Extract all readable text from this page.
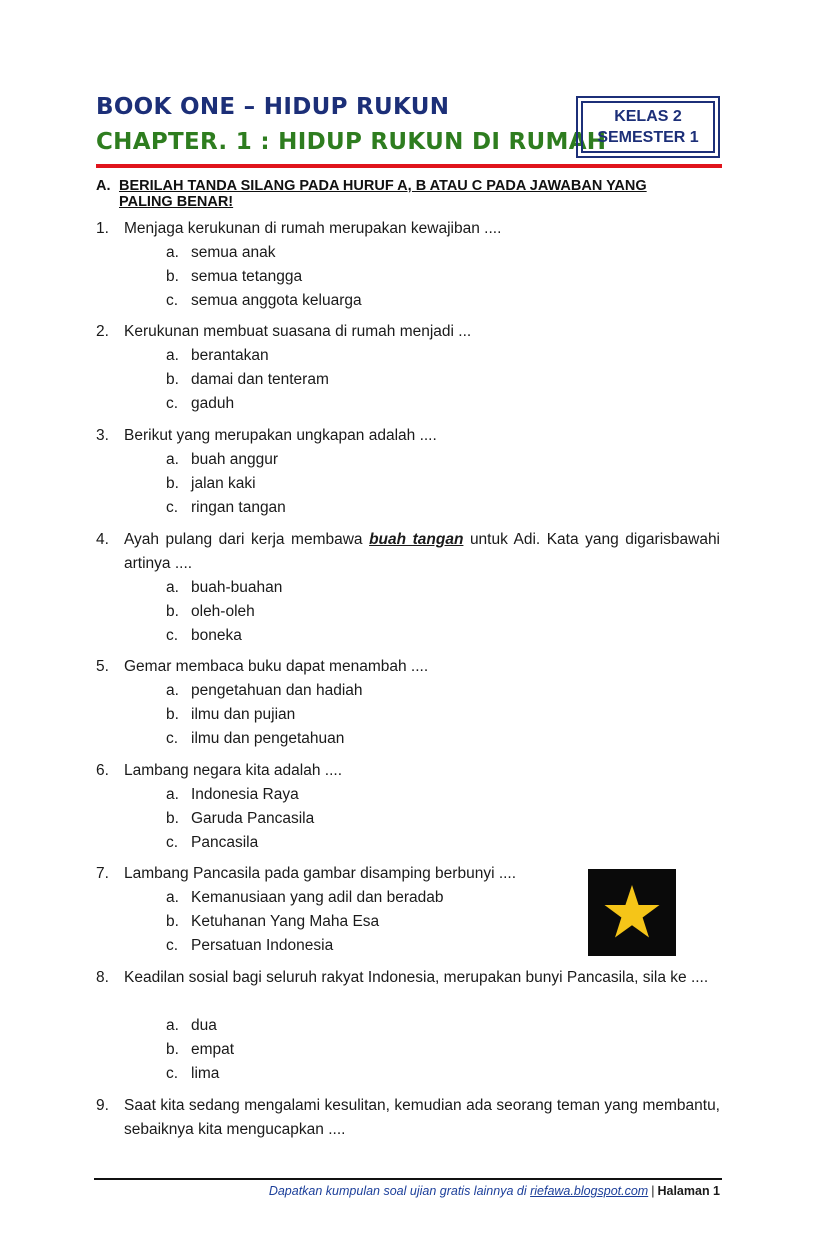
BOOK ONE – HIDUP RUKUN
CHAPTER. 1 : HIDUP RUKUN DI RUMAH
KELAS 2
SEMESTER 1
A. BERILAH TANDA SILANG PADA HURUF A, B ATAU C PADA JAWABAN YANG PALING BENAR!
1. Menjaga kerukunan di rumah merupakan kewajiban ....
a. semua anak
b. semua tetangga
c. semua anggota keluarga
2. Kerukunan membuat suasana di rumah menjadi ...
a. berantakan
b. damai dan tenteram
c. gaduh
3. Berikut yang merupakan ungkapan adalah ....
a. buah anggur
b. jalan kaki
c. ringan tangan
4. Ayah pulang dari kerja membawa buah tangan untuk Adi. Kata yang digarisbawahi artinya ....
a. buah-buahan
b. oleh-oleh
c. boneka
5. Gemar membaca buku dapat menambah ....
a. pengetahuan dan hadiah
b. ilmu dan pujian
c. ilmu dan pengetahuan
6. Lambang negara kita adalah ....
a. Indonesia Raya
b. Garuda Pancasila
c. Pancasila
7. Lambang Pancasila pada gambar disamping berbunyi ....
a. Kemanusiaan yang adil dan beradab
b. Ketuhanan Yang Maha Esa
c. Persatuan Indonesia
8. Keadilan sosial bagi seluruh rakyat Indonesia, merupakan bunyi Pancasila, sila ke ....
a. dua
b. empat
c. lima
9. Saat kita sedang mengalami kesulitan, kemudian ada seorang teman yang membantu, sebaiknya kita mengucapkan ....
Dapatkan kumpulan soal ujian gratis lainnya di riefawa.blogspot.com | Halaman 1
